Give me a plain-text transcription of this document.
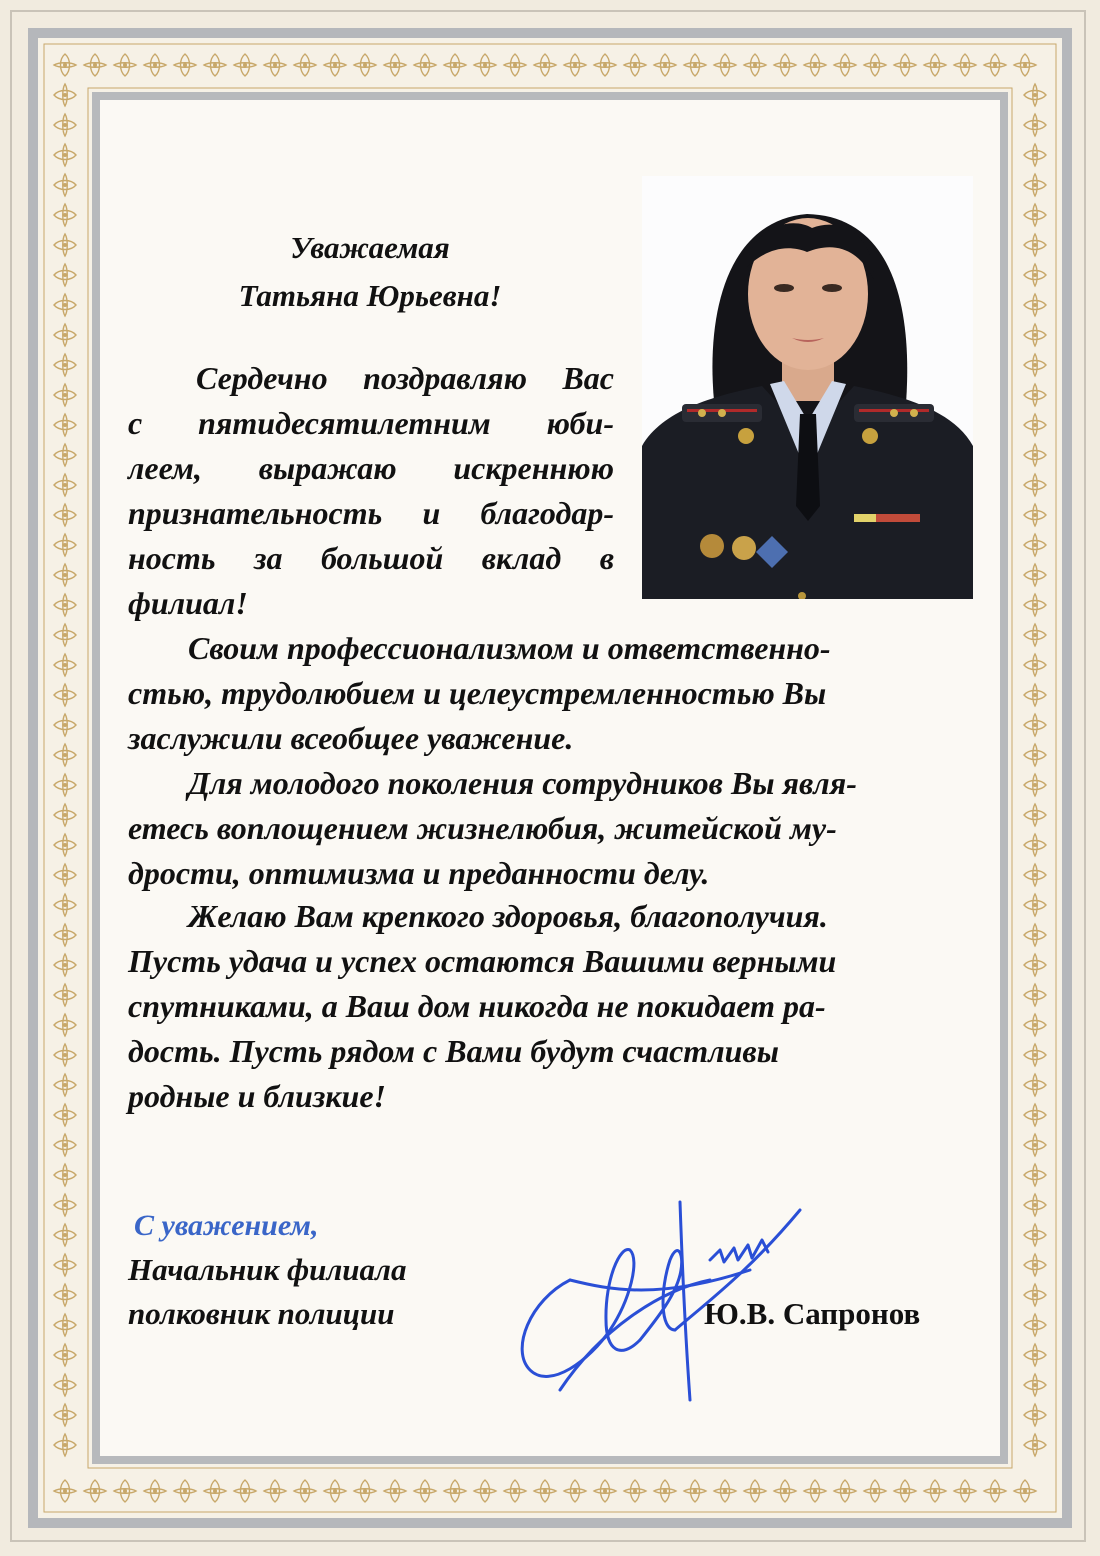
Уважаемая
Татьяна Юрьевна!

Сердечно поздравляю Вас

с пятидесятилетним юби-

леем, выражаю искреннюю

признательность и благодар-

ность за большой вклад в

филиал!

Своим профессионализмом и ответственно-

стью, трудолюбием и целеустремленностью Вы

заслужили всеобщее уважение.

Для молодого поколения сотрудников Вы явля-

етесь воплощением жизнелюбия, житейской му-

дрости, оптимизма и преданности делу.

Желаю Вам крепкого здоровья, благополучия.

Пусть удача и успех остаются Вашими верными

спутниками, а Ваш дом никогда не покидает ра-

дость. Пусть рядом с Вами будут счастливы

родные и близкие!

С уважением,
Начальник филиала
полковник полиции	Ю.В. Сапронов
